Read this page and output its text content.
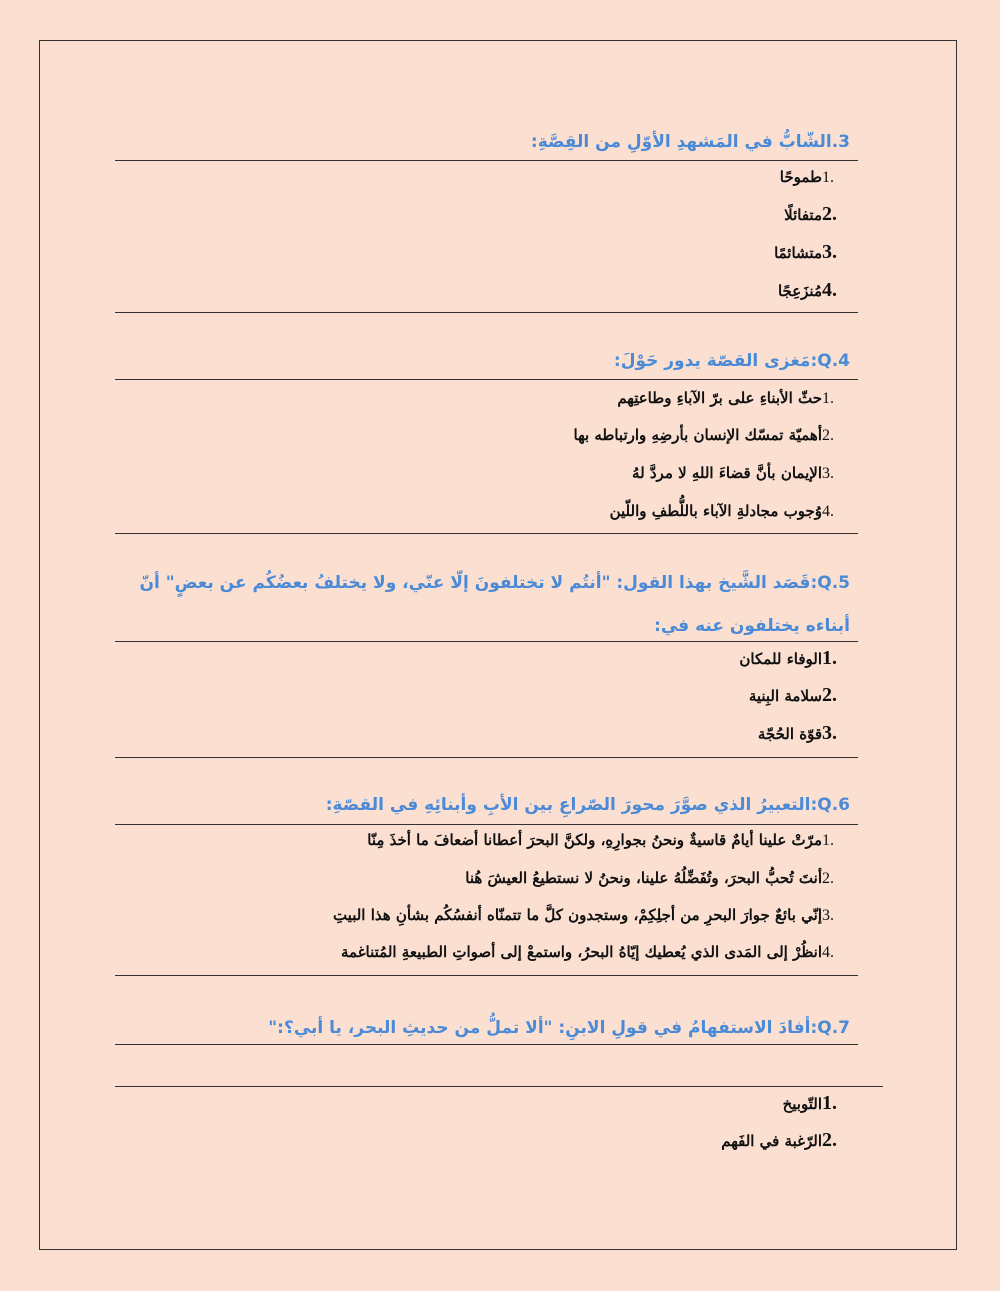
.3الشّابُّ في المَشهدِ الأوّلِ من القِصَّةِ:
1.طموحًا
2.متفائلًا
3.متشائمًا
4.مُنزَعِجًا
:Q.4مَغزى القصّة يدور حَوْلَ:
1.حثّ الأبناءِ على برّ الآباءِ وطاعتِهم
2.أهميّة تمسّك الإنسان بأرضِهِ وارتباطه بها
3.الإيمان بأنَّ قضاءَ اللهِ لا مردَّ لهُ
4.وُجوب مجادلةِ الآباء باللُّطفِ واللّين
:Q.5قَصَد الشَّيخ بهذا القول: "أنتُم لا تختلفونَ إلّا عنّي، ولا يختلفُ بعضُكُم عن بعضٍ" أنّ أبناءه يختلفون عنه في:
1.الوفاء للمكان
2.سلامة البِنية
3.قوّة الحُجّة
:Q.6التعبيرُ الذي صوَّرَ محورَ الصّراعِ بين الأبِ وأبنائِهِ في القصّةِ:
1.مرّتْ علينا أيامٌ قاسيةٌ ونحنُ بجوارِهِ، ولكنَّ البحرَ أعطانا أضعافَ ما أخذَ مِنّا
2.أنتَ تُحبُّ البحرَ، وتُفَضِّلُهُ علينا، ونحنُ لا نستطيعُ العيشَ هُنا
3.إنّي بائعٌ جوارَ البحرِ من أجلِكِمْ، وستجدون كلَّ ما تتمنّاه أنفسُكُم بشأنِ هذا البيتِ
4.انظُرْ إلى المَدى الذي يُعطيك إيّاهُ البحرُ، واستمعْ إلى أصواتِ الطبيعةِ المُتناغمة
:Q.7أفادَ الاستفهامُ في قولِ الابنِ: "ألا تملُّ من حديثِ البحر، يا أبي؟:"
1.التّوبيخ
2.الرّغبة في الفَهم
